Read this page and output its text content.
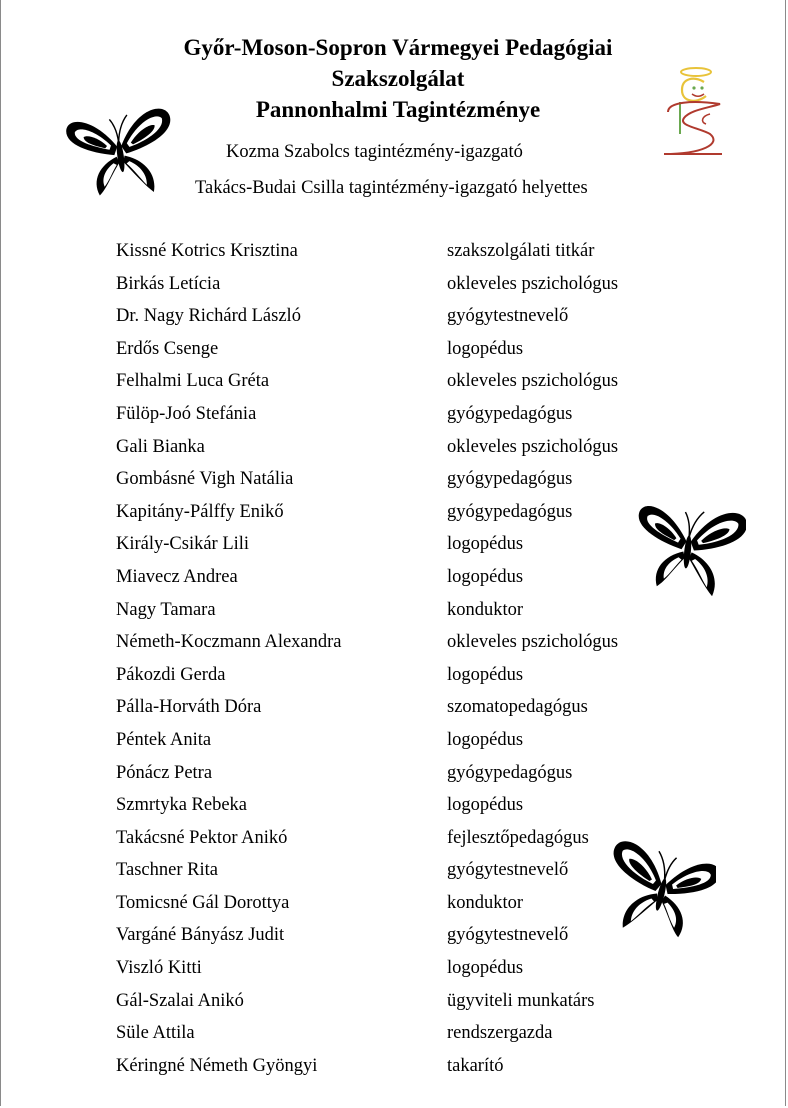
Győr-Moson-Sopron Vármegyei Pedagógiai
Szakszolgálat
Pannonhalmi Tagintézménye
Kozma Szabolcs tagintézmény-igazgató
Takács-Budai Csilla tagintézmény-igazgató helyettes
Kissné Kotrics Krisztina	szakszolgálati titkár
Birkás Letícia	okleveles pszichológus
Dr. Nagy Richárd László	gyógytestnevelő
Erdős Csenge	logopédus
Felhalmi Luca Gréta	okleveles pszichológus
Fülöp-Joó Stefánia	gyógypedagógus
Gali Bianka	okleveles pszichológus
Gombásné Vigh Natália	gyógypedagógus
Kapitány-Pálffy Enikő	gyógypedagógus
Király-Csikár Lili	logopédus
Miavecz Andrea	logopédus
Nagy Tamara	konduktor
Németh-Koczmann Alexandra	okleveles pszichológus
Pákozdi Gerda	logopédus
Pálla-Horváth Dóra	szomatopedagógus
Péntek Anita	logopédus
Pónácz Petra	gyógypedagógus
Szmrtyka Rebeka	logopédus
Takácsné Pektor Anikó	fejlesztőpedagógus
Taschner Rita	gyógytestnevelő
Tomicsné Gál Dorottya	konduktor
Vargáné Bányász Judit	gyógytestnevelő
Viszló Kitti	logopédus
Gál-Szalai Anikó	ügyviteli munkatárs
Süle Attila	rendszergazda
Kéringné Németh Gyöngyi	takarító
